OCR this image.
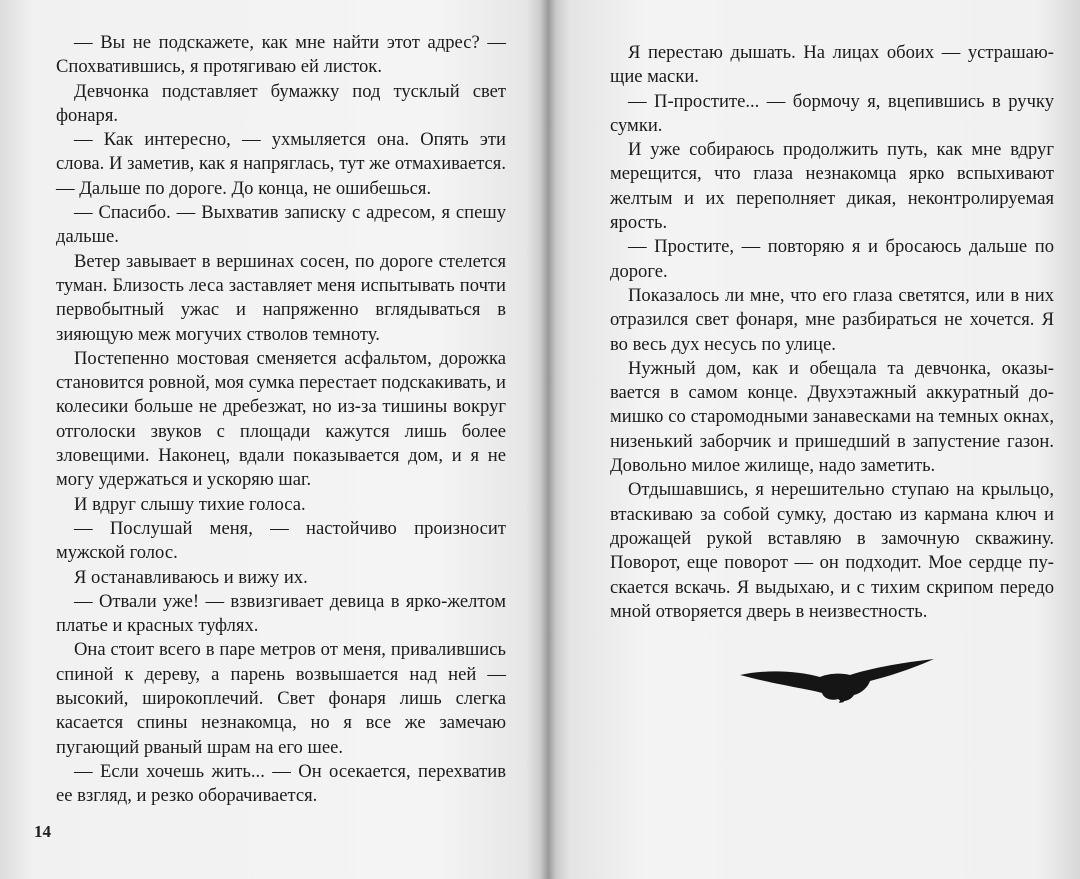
— Вы не подскажете, как мне найти этот адрес? — Спохватившись, я протягиваю ей листок.

Девчонка подставляет бумажку под тусклый свет фонаря.

— Как интересно, — ухмыляется она. Опять эти слова. И заметив, как я напряглась, тут же отмахивается. — Дальше по дороге. До конца, не ошибешься.

— Спасибо. — Выхватив записку с адресом, я спешу дальше.

Ветер завывает в вершинах сосен, по дороге стелется туман. Близость леса заставляет меня испытывать почти первобытный ужас и напряженно вглядываться в зияющую меж могучих стволов темноту.

Постепенно мостовая сменяется асфальтом, дорожка становится ровной, моя сумка перестает подскакивать, и колесики больше не дребезжат, но из-за тишины вокруг отголоски звуков с площади кажутся лишь более зловещими. Наконец, вдали показывается дом, и я не могу удержаться и ускоряю шаг.

И вдруг слышу тихие голоса.

— Послушай меня, — настойчиво произносит мужской голос.

Я останавливаюсь и вижу их.

— Отвали уже! — взвизгивает девица в ярко-желтом платье и красных туфлях.

Она стоит всего в паре метров от меня, привалившись спиной к дереву, а парень возвышается над ней — высокий, широкоплечий. Свет фонаря лишь слегка касается спины незнакомца, но я все же замечаю пугающий рваный шрам на его шее.

— Если хочешь жить... — Он осекается, перехватив ее взгляд, и резко оборачивается.

14

Я перестаю дышать. На лицах обоих — устрашающие маски.

— П-простите... — бормочу я, вцепившись в ручку сумки.

И уже собираюсь продолжить путь, как мне вдруг мерещится, что глаза незнакомца ярко вспыхивают желтым и их переполняет дикая, неконтролируемая ярость.

— Простите, — повторяю я и бросаюсь дальше по дороге.

Показалось ли мне, что его глаза светятся, или в них отразился свет фонаря, мне разбираться не хочется. Я во весь дух несусь по улице.

Нужный дом, как и обещала та девчонка, оказывается в самом конце. Двухэтажный аккуратный домишко со старомодными занавесками на темных окнах, низенький заборчик и пришедший в запустение газон. Довольно милое жилище, надо заметить.

Отдышавшись, я нерешительно ступаю на крыльцо, втаскиваю за собой сумку, достаю из кармана ключ и дрожащей рукой вставляю в замочную скважину. Поворот, еще поворот — он подходит. Мое сердце пускается вскачь. Я выдыхаю, и с тихим скрипом передо мной отворяется дверь в неизвестность.
